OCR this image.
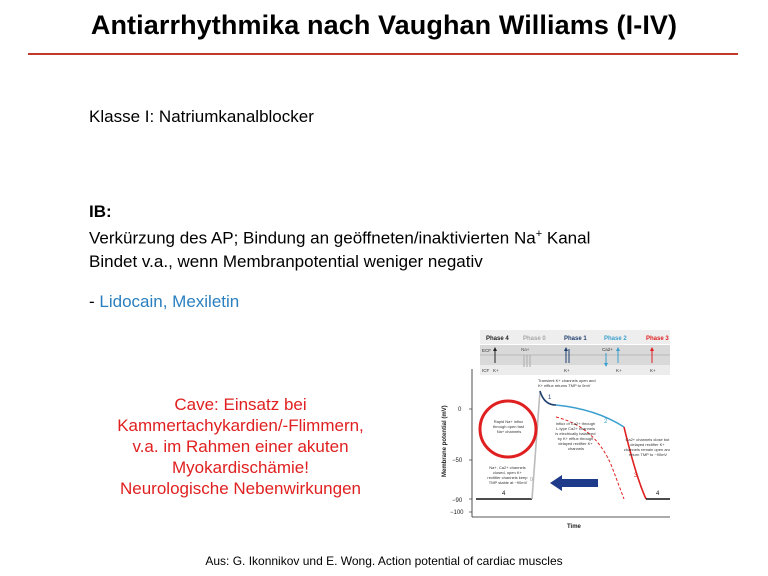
Antiarrhythmika nach Vaughan Williams (I-IV)
Klasse I: Natriumkanalblocker
IB:
Verkürzung des AP; Bindung an geöffneten/inaktivierten Na+ Kanal
Bindet v.a., wenn Membranpotential weniger negativ
- Lidocain, Mexiletin
Cave: Einsatz bei
Kammertachykardien/-Flimmern,
v.a. im Rahmen einer akuten
Myokardischämie!
Neurologische Nebenwirkungen
Phase 4 Phase 0	Phase 1	Phase 2	Phase 3
ECF
ICF K+
Na+
K+
Ca2+
K+	K+
Membrane potential (mV)
Time
0
−50
−90
−100
0
1
2
3
4	4
Transient K+ channels open and K+ efflux returns TMP to 0mV
Rapid Na+ influx through open fast Na+ channels
Influx of Ca2+ through L-type Ca2+ channels is electrically balanced by K+ efflux through delayed rectifier K+ channels
Ca2+ channels close but delayed rectifier K+ channels remain open and return TMP to ~90mV
Na+, Ca2+ channels closed, open K+ rectifier channels keep TMP stable at ~90mV
Aus: G. Ikonnikov und E. Wong. Action potential of cardiac muscles
